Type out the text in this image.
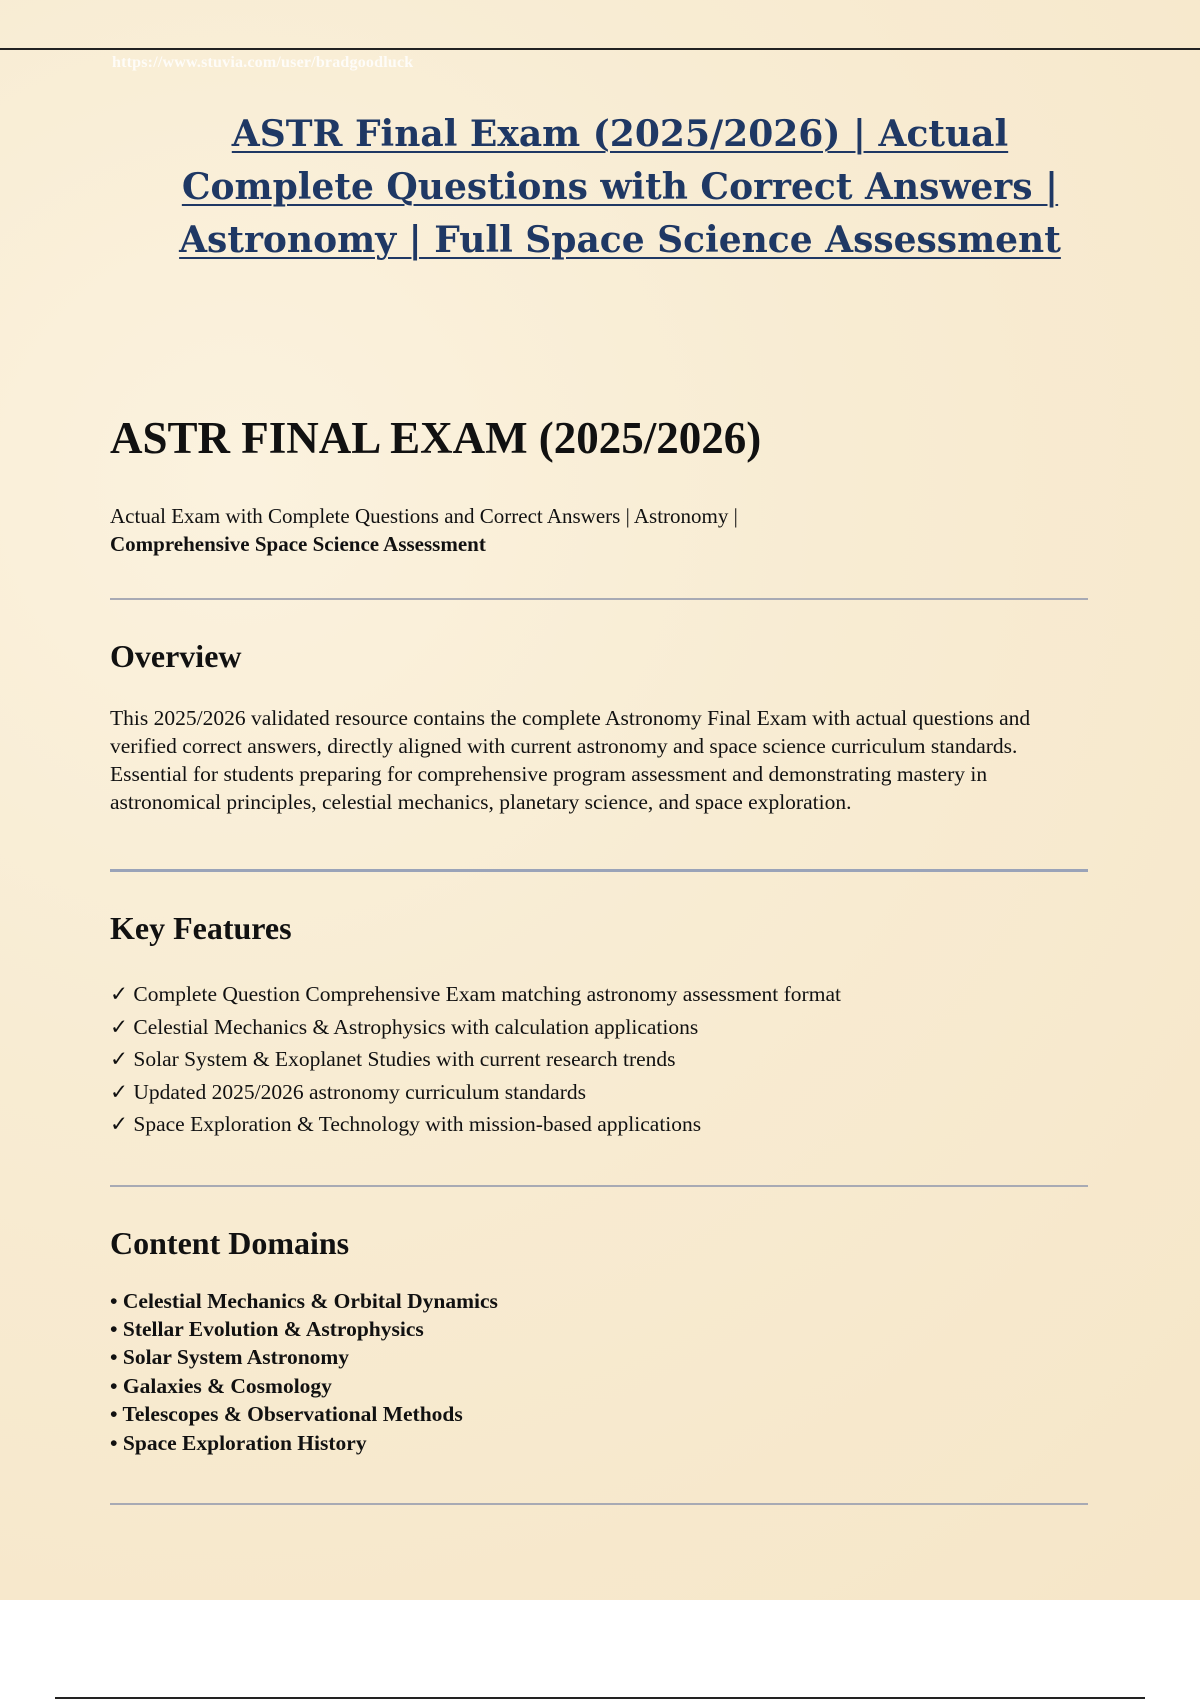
https://www.stuvia.com/user/bradgoodluck
ASTR Final Exam (2025/2026) | Actual Complete Questions with Correct Answers | Astronomy | Full Space Science Assessment
ASTR FINAL EXAM (2025/2026)
Actual Exam with Complete Questions and Correct Answers | Astronomy |
Comprehensive Space Science Assessment
Overview

This 2025/2026 validated resource contains the complete Astronomy Final Exam with actual questions and verified correct answers, directly aligned with current astronomy and space science curriculum standards. Essential for students preparing for comprehensive program assessment and demonstrating mastery in astronomical principles, celestial mechanics, planetary science, and space exploration.

Key Features
✓ Complete Question Comprehensive Exam matching astronomy assessment format
✓ Celestial Mechanics & Astrophysics with calculation applications
✓ Solar System & Exoplanet Studies with current research trends
✓ Updated 2025/2026 astronomy curriculum standards
✓ Space Exploration & Technology with mission-based applications
Content Domains
• Celestial Mechanics & Orbital Dynamics
• Stellar Evolution & Astrophysics
• Solar System Astronomy
• Galaxies & Cosmology
• Telescopes & Observational Methods
• Space Exploration History
